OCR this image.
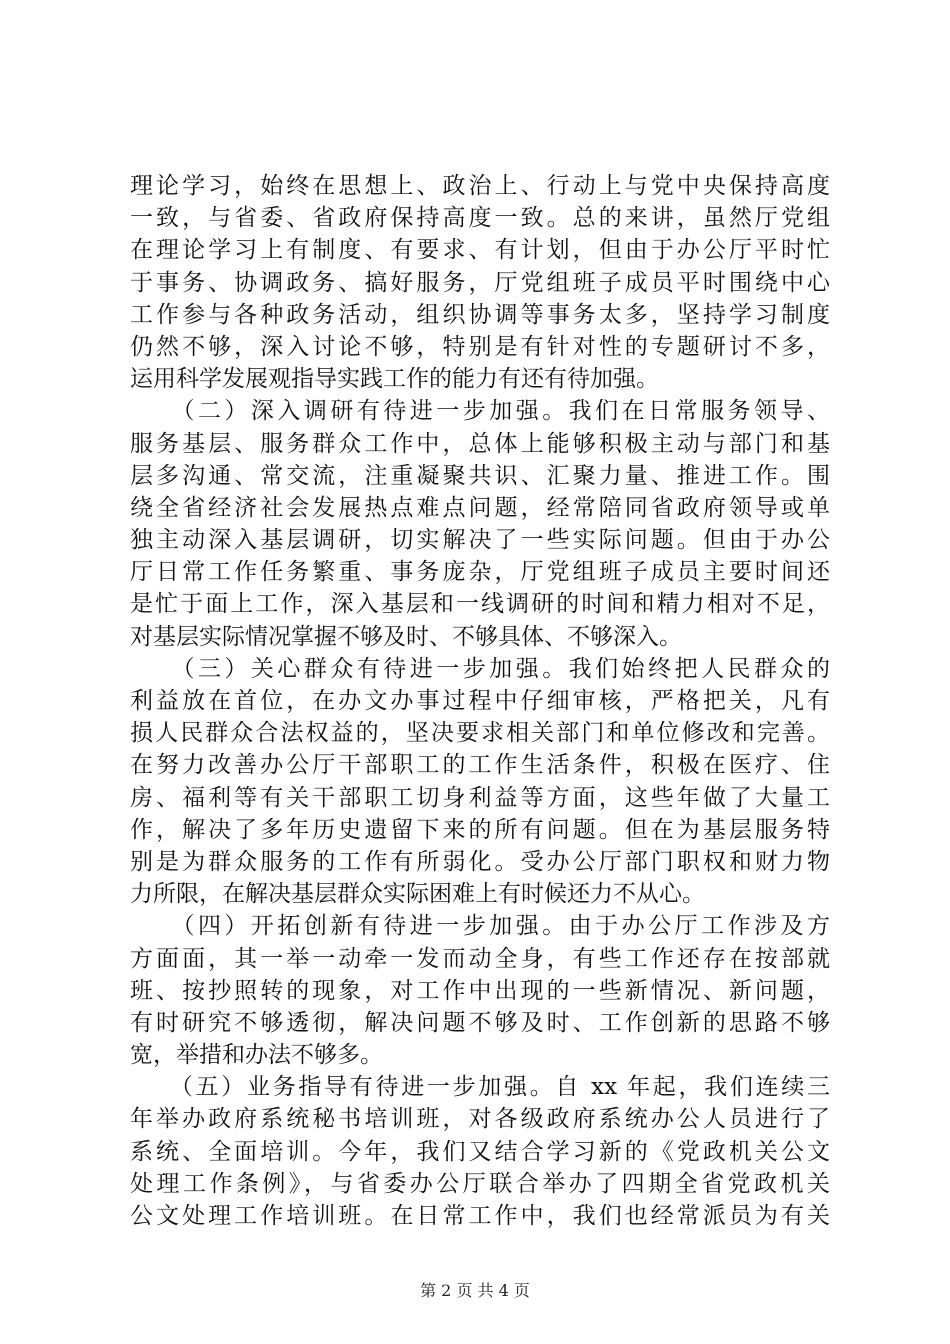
理论学习，始终在思想上、政治上、行动上与党中央保持高度
一致，与省委、省政府保持高度一致。总的来讲，虽然厅党组
在理论学习上有制度、有要求、有计划，但由于办公厅平时忙
于事务、协调政务、搞好服务，厅党组班子成员平时围绕中心
工作参与各种政务活动，组织协调等事务太多，坚持学习制度
仍然不够，深入讨论不够，特别是有针对性的专题研讨不多，
运用科学发展观指导实践工作的能力有还有待加强。
　　（二）深入调研有待进一步加强。我们在日常服务领导、
服务基层、服务群众工作中，总体上能够积极主动与部门和基
层多沟通、常交流，注重凝聚共识、汇聚力量、推进工作。围
绕全省经济社会发展热点难点问题，经常陪同省政府领导或单
独主动深入基层调研，切实解决了一些实际问题。但由于办公
厅日常工作任务繁重、事务庞杂，厅党组班子成员主要时间还
是忙于面上工作，深入基层和一线调研的时间和精力相对不足，
对基层实际情况掌握不够及时、不够具体、不够深入。
　　（三）关心群众有待进一步加强。我们始终把人民群众的
利益放在首位，在办文办事过程中仔细审核，严格把关，凡有
损人民群众合法权益的，坚决要求相关部门和单位修改和完善。
在努力改善办公厅干部职工的工作生活条件，积极在医疗、住
房、福利等有关干部职工切身利益等方面，这些年做了大量工
作，解决了多年历史遗留下来的所有问题。但在为基层服务特
别是为群众服务的工作有所弱化。受办公厅部门职权和财力物
力所限，在解决基层群众实际困难上有时候还力不从心。
　　（四）开拓创新有待进一步加强。由于办公厅工作涉及方
方面面，其一举一动牵一发而动全身，有些工作还存在按部就
班、按抄照转的现象，对工作中出现的一些新情况、新问题，
有时研究不够透彻，解决问题不够及时、工作创新的思路不够
宽，举措和办法不够多。
　　（五）业务指导有待进一步加强。自 xx 年起，我们连续三
年举办政府系统秘书培训班，对各级政府系统办公人员进行了
系统、全面培训。今年，我们又结合学习新的《党政机关公文
处理工作条例》，与省委办公厅联合举办了四期全省党政机关
公文处理工作培训班。在日常工作中，我们也经常派员为有关
第 2 页 共 4 页
